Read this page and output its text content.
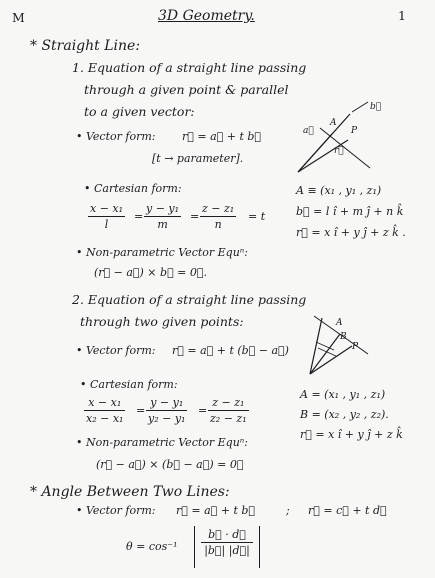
M	3D Geometry.	1
* Straight Line:
1. Equation of a straight line passing
through a given point & parallel
to a given vector:
• Vector form: r⃗ = a⃗ + t b⃗
[t → parameter].
a⃗
A
P
r⃗
b⃗
• Cartesian form:
x − x₁
l
=
y − y₁
m
=
z − z₁
n
= t
A ≡ (x₁ , y₁ , z₁)
b⃗ = l î + m ĵ + n k̂
r⃗ = x î + y ĵ + z k̂ .
• Non-parametric Vector Equⁿ:
(r⃗ − a⃗) × b⃗ = 0⃗.
2. Equation of a straight line passing
through two given points:
• Vector form: r⃗ = a⃗ + t (b⃗ − a⃗)
A
B
P
• Cartesian form:
x − x₁
x₂ − x₁
=
y − y₁
y₂ − y₁
=
z − z₁
z₂ − z₁
A = (x₁ , y₁ , z₁)
B = (x₂ , y₂ , z₂).
r⃗ = x î + y ĵ + z k̂
• Non-parametric Vector Equⁿ:
(r⃗ − a⃗) × (b⃗ − a⃗) = 0⃗
* Angle Between Two Lines:
• Vector form: r⃗ = a⃗ + t b⃗	; r⃗ = c⃗ + t d⃗
θ = cos⁻¹
b⃗ · d⃗
|b⃗| |d⃗|
